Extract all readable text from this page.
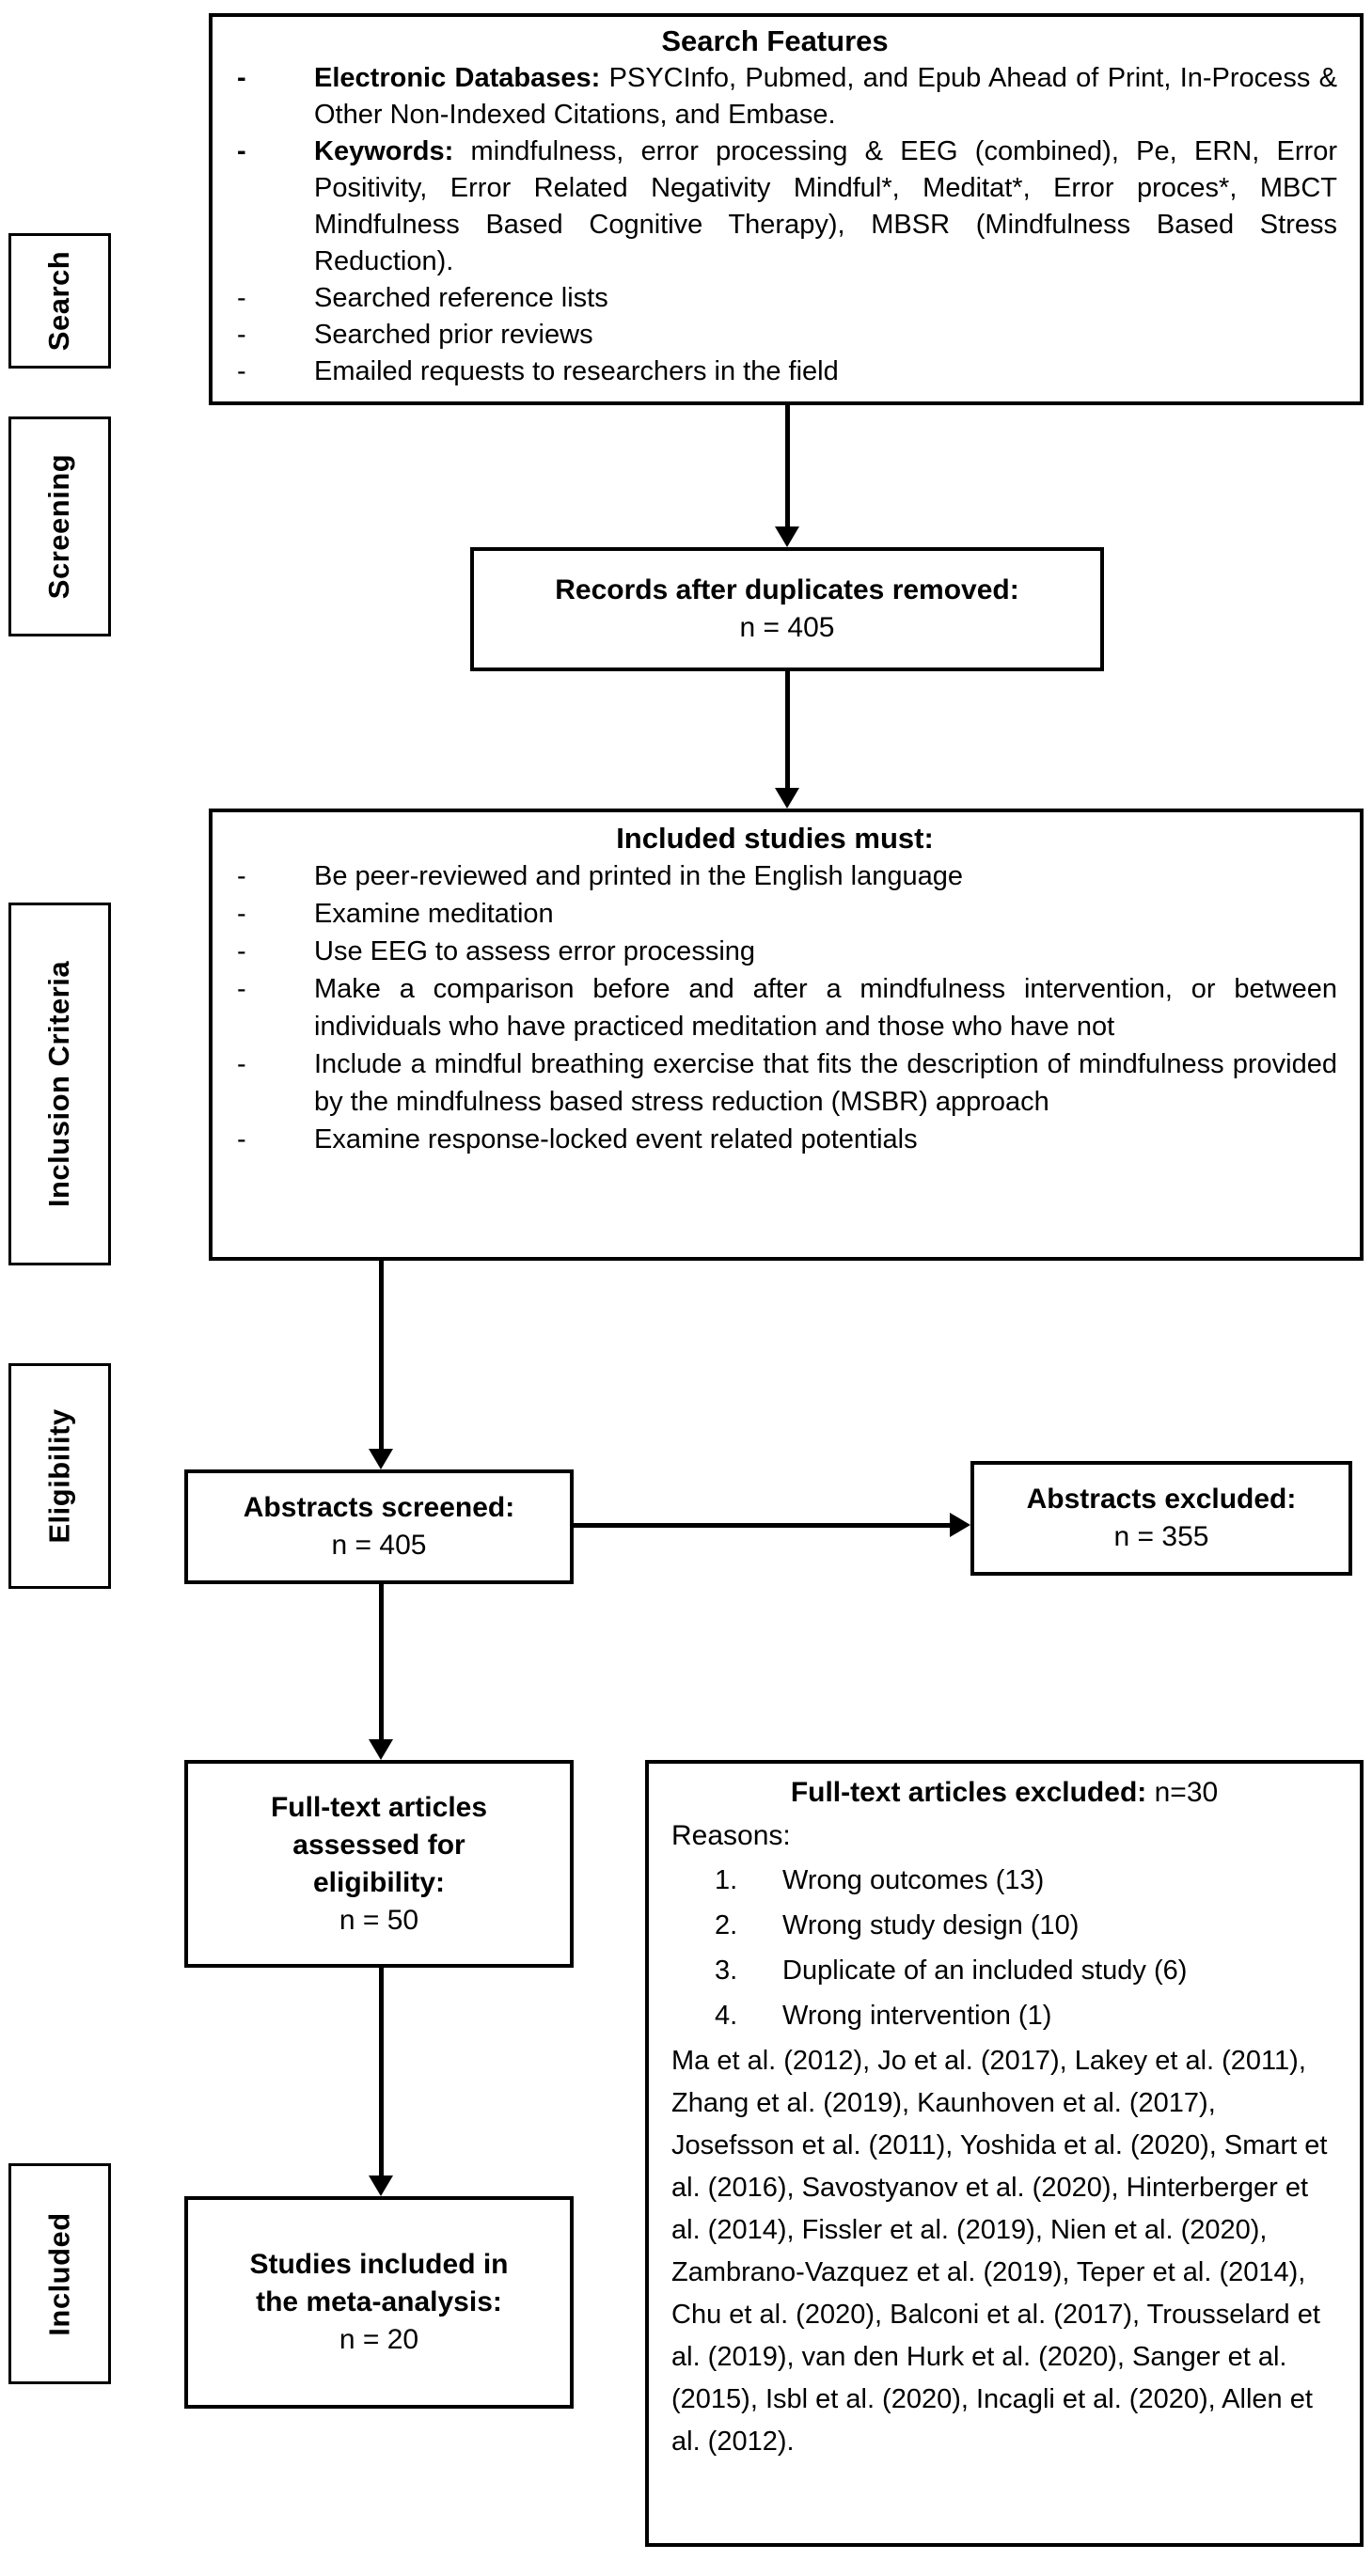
Search
Screening
Inclusion Criteria
Eligibility
Included
Search Features
- Electronic Databases: PSYCInfo, Pubmed, and Epub Ahead of Print, In-Process & Other Non-Indexed Citations, and Embase.
- Keywords: mindfulness, error processing & EEG (combined), Pe, ERN, Error Positivity, Error Related Negativity Mindful*, Meditat*, Error proces*, MBCT Mindfulness Based Cognitive Therapy), MBSR (Mindfulness Based Stress Reduction).
- Searched reference lists
- Searched prior reviews
- Emailed requests to researchers in the field
Records after duplicates removed:
n = 405
Included studies must:
- Be peer-reviewed and printed in the English language
- Examine meditation
- Use EEG to assess error processing
- Make a comparison before and after a mindfulness intervention, or between individuals who have practiced meditation and those who have not
- Include a mindful breathing exercise that fits the description of mindfulness provided by the mindfulness based stress reduction (MSBR) approach
- Examine response-locked event related potentials
Abstracts screened:
n = 405
Abstracts excluded:
n = 355
Full-text articles assessed for eligibility:
n = 50
Full-text articles excluded: n=30
Reasons:
1. Wrong outcomes (13)
2. Wrong study design (10)
3. Duplicate of an included study (6)
4. Wrong intervention (1)
Ma et al. (2012), Jo et al. (2017), Lakey et al. (2011), Zhang et al. (2019), Kaunhoven et al. (2017), Josefsson et al. (2011), Yoshida et al. (2020), Smart et al. (2016), Savostyanov et al. (2020), Hinterberger et al. (2014), Fissler et al. (2019), Nien et al. (2020), Zambrano-Vazquez et al. (2019), Teper et al. (2014), Chu et al. (2020), Balconi et al. (2017), Trousselard et al. (2019), van den Hurk et al. (2020), Sanger et al. (2015), Isbl et al. (2020), Incagli et al. (2020), Allen et al. (2012).
Studies included in the meta-analysis:
n = 20
